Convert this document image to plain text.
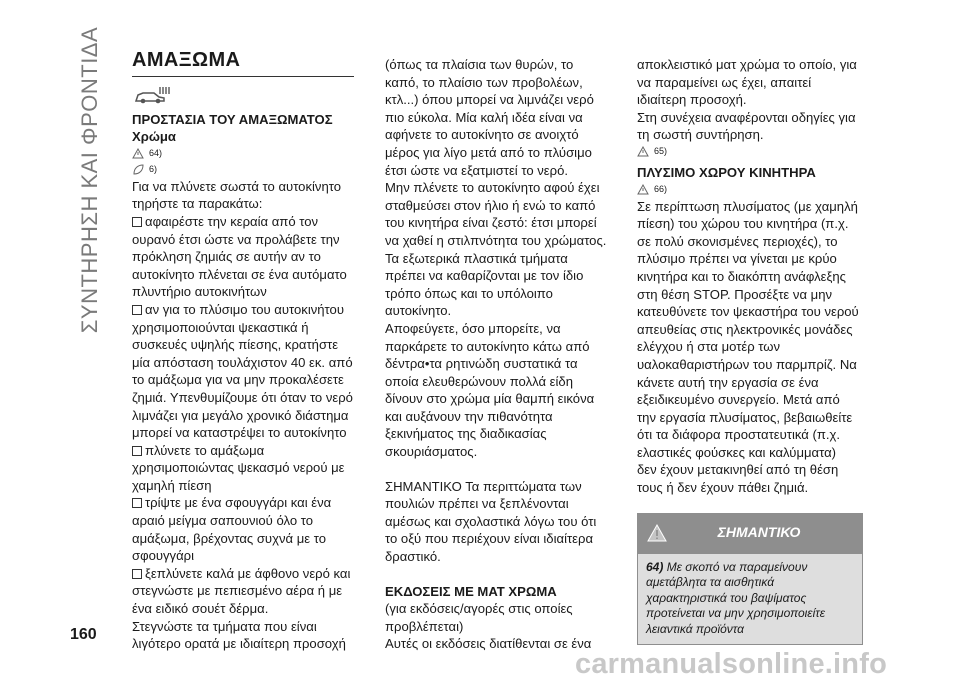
ΣΥΝΤΗΡΗΣΗ ΚΑΙ ΦΡΟΝΤΙΔΑ
160
ΑΜΑΞΩΜΑ

ΠΡΟΣΤΑΣΙΑ ΤΟΥ ΑΜΑΞΩΜΑΤΟΣ

Χρώμα

64)
6)

Για να πλύνετε σωστά το αυτοκίνητο τηρήστε τα παρακάτω:

αφαιρέστε την κεραία από τον ουρανό έτσι ώστε να προλάβετε την πρόκληση ζημιάς σε αυτήν αν το αυτοκίνητο πλένεται σε ένα αυτόματο πλυντήριο αυτοκινήτων

αν για το πλύσιμο του αυτοκινήτου χρησιμοποιούνται ψεκαστικά ή συσκευές υψηλής πίεσης, κρατήστε μία απόσταση τουλάχιστον 40 εκ. από το αμάξωμα για να μην προκαλέσετε ζημιά. Υπενθυμίζουμε ότι όταν το νερό λιμνάζει για μεγάλο χρονικό διάστημα μπορεί να καταστρέψει το αυτοκίνητο

πλύνετε το αμάξωμα χρησιμοποιώντας ψεκασμό νερού με χαμηλή πίεση

τρίψτε με ένα σφουγγάρι και ένα αραιό μείγμα σαπουνιού όλο το αμάξωμα, βρέχοντας συχνά με το σφουγγάρι

ξεπλύνετε καλά με άφθονο νερό και στεγνώστε με πεπιεσμένο αέρα ή με ένα ειδικό σουέτ δέρμα.

Στεγνώστε τα τμήματα που είναι λιγότερο ορατά με ιδιαίτερη προσοχή

(όπως τα πλαίσια των θυρών, το καπό, το πλαίσιο των προβολέων, κτλ...) όπου μπορεί να λιμνάζει νερό πιο εύκολα. Μία καλή ιδέα είναι να αφήνετε το αυτοκίνητο σε ανοιχτό μέρος για λίγο μετά από το πλύσιμο έτσι ώστε να εξατμιστεί το νερό.

Μην πλένετε το αυτοκίνητο αφού έχει σταθμεύσει στον ήλιο ή ενώ το καπό του κινητήρα είναι ζεστό: έτσι μπορεί να χαθεί η στιλπνότητα του χρώματος. Τα εξωτερικά πλαστικά τμήματα πρέπει να καθαρίζονται με τον ίδιο τρόπο όπως και το υπόλοιπο αυτοκίνητο.

Αποφεύγετε, όσο μπορείτε, να παρκάρετε το αυτοκίνητο κάτω από δέντρα•τα ρητινώδη συστατικά τα οποία ελευθερώνουν πολλά είδη δίνουν στο χρώμα μία θαμπή εικόνα και αυξάνουν την πιθανότητα ξεκινήματος της διαδικασίας σκουριάσματος.

ΣΗΜΑΝΤΙΚΟ Τα περιττώματα των πουλιών πρέπει να ξεπλένονται αμέσως και σχολαστικά λόγω του ότι το οξύ που περιέχουν είναι ιδιαίτερα δραστικό.

ΕΚΔΟΣΕΙΣ ΜΕ ΜΑΤ ΧΡΩΜΑ

(για εκδόσεις/αγορές στις οποίες προβλέπεται)

Αυτές οι εκδόσεις διατίθενται σε ένα

αποκλειστικό ματ χρώμα το οποίο, για να παραμείνει ως έχει, απαιτεί ιδιαίτερη προσοχή.

Στη συνέχεια αναφέρονται οδηγίες για τη σωστή συντήρηση.

65)

ΠΛΥΣΙΜΟ ΧΩΡΟΥ ΚΙΝΗΤΗΡΑ

66)

Σε περίπτωση πλυσίματος (με χαμηλή πίεση) του χώρου του κινητήρα (π.χ. σε πολύ σκονισμένες περιοχές), το πλύσιμο πρέπει να γίνεται με κρύο κινητήρα και το διακόπτη ανάφλεξης στη θέση STOP. Προσέξτε να μην κατευθύνετε τον ψεκαστήρα του νερού απευθείας στις ηλεκτρονικές μονάδες ελέγχου ή στα μοτέρ των υαλοκαθαριστήρων του παρμπρίζ. Να κάνετε αυτή την εργασία σε ένα εξειδικευμένο συνεργείο. Μετά από την εργασία πλυσίματος, βεβαιωθείτε ότι τα διάφορα προστατευτικά (π.χ. ελαστικές φούσκες και καλύμματα) δεν έχουν μετακινηθεί από τη θέση τους ή δεν έχουν πάθει ζημιά.

ΣΗΜΑΝΤΙΚΟ
64) Με σκοπό να παραμείνουν αμετάβλητα τα αισθητικά χαρακτηριστικά του βαψίματος προτείνεται να μην χρησιμοποιείτε λειαντικά προϊόντα
carmanualsonline.info
